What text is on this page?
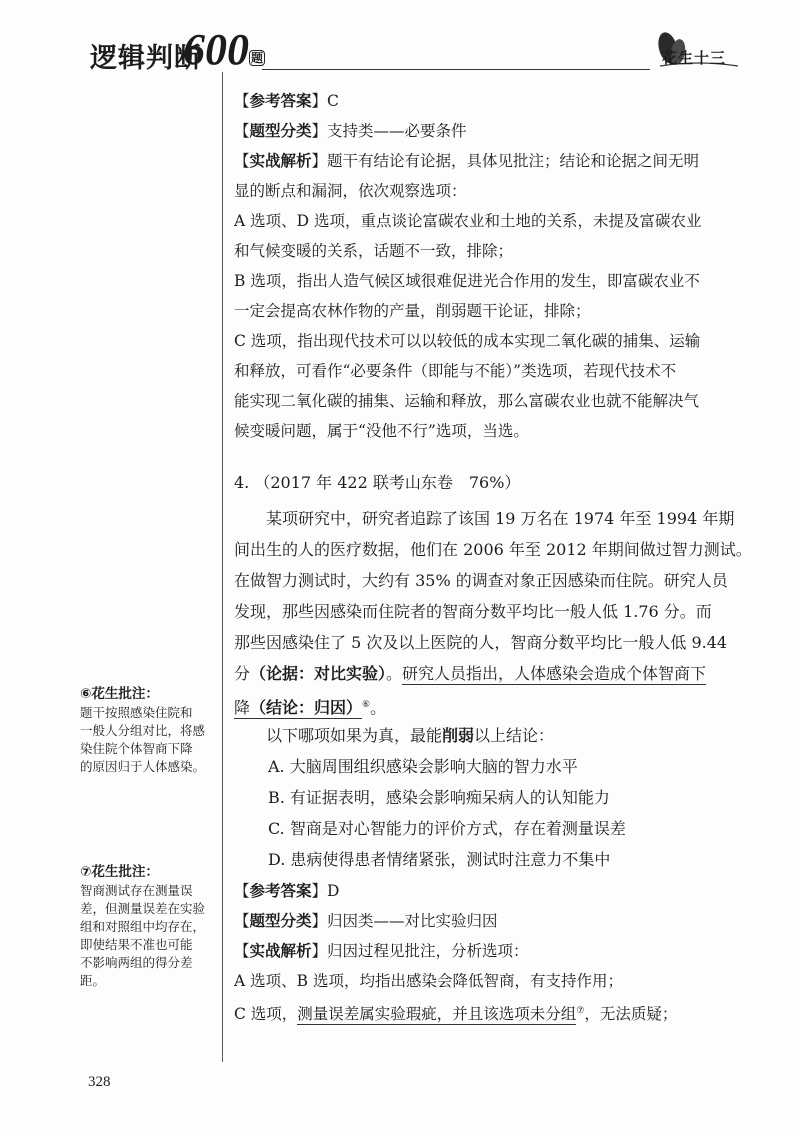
逻辑判断
600 题	花生十三

【参考答案】C

【题型分类】支持类——必要条件

【实战解析】题干有结论有论据，具体见批注；结论和论据之间无明

显的断点和漏洞，依次观察选项：

A 选项、D 选项，重点谈论富碳农业和土地的关系，未提及富碳农业

和气候变暖的关系，话题不一致，排除；

B 选项，指出人造气候区域很难促进光合作用的发生，即富碳农业不

一定会提高农林作物的产量，削弱题干论证，排除；

C 选项，指出现代技术可以以较低的成本实现二氧化碳的捕集、运输

和释放，可看作“必要条件（即能与不能）”类选项，若现代技术不

能实现二氧化碳的捕集、运输和释放，那么富碳农业也就不能解决气

候变暖问题，属于“没他不行”选项，当选。

4. （2017 年 422 联考山东卷　76%）

　　某项研究中，研究者追踪了该国 19 万名在 1974 年至 1994 年期

间出生的人的医疗数据，他们在 2006 年至 2012 年期间做过智力测试。

在做智力测试时，大约有 35% 的调查对象正因感染而住院。研究人员

发现，那些因感染而住院者的智商分数平均比一般人低 1.76 分。而

那些因感染住了 5 次及以上医院的人，智商分数平均比一般人低 9.44

分（论据：对比实验）。研究人员指出，人体感染会造成个体智商下

降（结论：归因）⑥。

　　以下哪项如果为真，最能削弱以上结论：

A. 大脑周围组织感染会影响大脑的智力水平

B. 有证据表明，感染会影响痴呆病人的认知能力

C. 智商是对心智能力的评价方式，存在着测量误差

D. 患病使得患者情绪紧张，测试时注意力不集中

【参考答案】D

【题型分类】归因类——对比实验归因

【实战解析】归因过程见批注，分析选项：

A 选项、B 选项，均指出感染会降低智商，有支持作用；

C 选项，测量误差属实验瑕疵，并且该选项未分组⑦，无法质疑；

⑥花生批注：
题干按照感染住院和
一般人分组对比，将感
染住院个体智商下降
的原因归于人体感染。
⑦花生批注：
智商测试存在测量误
差，但测量误差在实验
组和对照组中均存在，
即使结果不准也可能
不影响两组的得分差
距。
328
